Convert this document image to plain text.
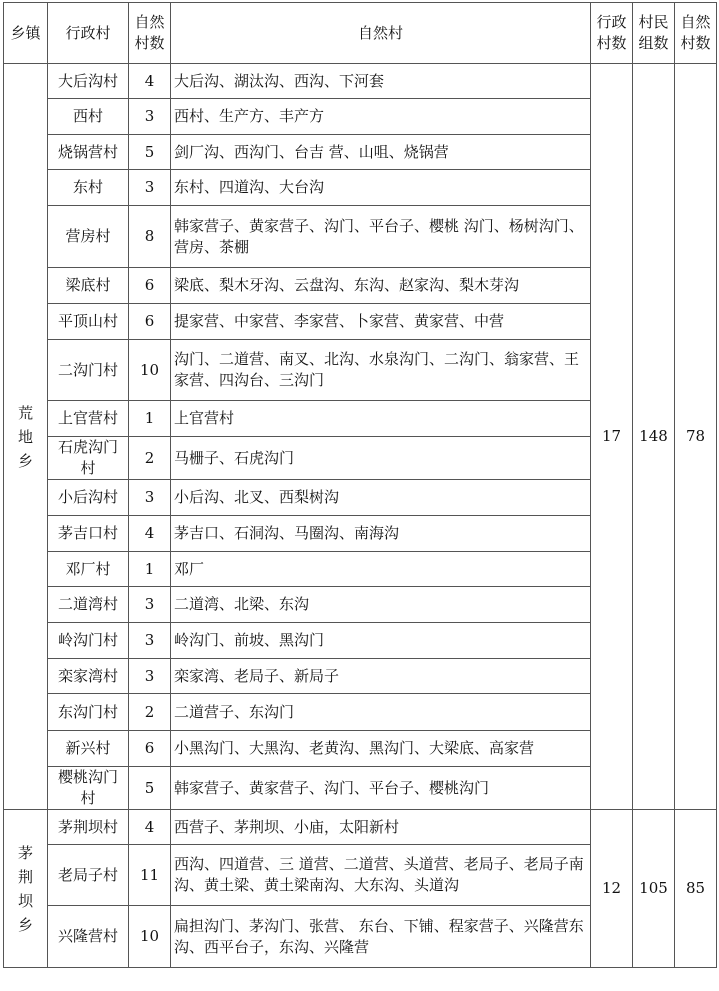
乡镇	行政村	自然村数	自然村	行政村数	村民组数	自然村数

荒
地
乡	大后沟村	4	大后沟、湖汰沟、西沟、下河套	17	148	78
	西村	3	西村、生产方、丰产方			
	烧锅营村	5	剑厂沟、西沟门、台吉 营、山咀、烧锅营			
	东村	3	东村、四道沟、大台沟			
	营房村	8	韩家营子、黄家营子、沟门、平台子、樱桃 沟门、杨树沟门、营房、茶棚			
	梁底村	6	梁底、梨木牙沟、云盘沟、东沟、赵家沟、梨木芽沟			
	平顶山村	6	提家营、中家营、李家营、卜家营、黄家营、中营			
	二沟门村	10	沟门、二道营、南叉、北沟、水泉沟门、二沟门、翁家营、王家营、四沟台、三沟门			
	上官营村	1	上官营村			
	石虎沟门村	2	马栅子、石虎沟门			
	小后沟村	3	小后沟、北叉、西梨树沟			
	茅吉口村	4	茅吉口、石洞沟、马圈沟、南海沟			
	邓厂村	1	邓厂			
	二道湾村	3	二道湾、北梁、东沟			
	岭沟门村	3	岭沟门、前坡、黑沟门			
	栾家湾村	3	栾家湾、老局子、新局子			
	东沟门村	2	二道营子、东沟门			
	新兴村	6	小黑沟门、大黑沟、老黄沟、黑沟门、大梁底、高家营			
	樱桃沟门村	5	韩家营子、黄家营子、沟门、平台子、樱桃沟门			

茅
荆
坝
乡	茅荆坝村	4	西营子、茅荆坝、小庙，太阳新村	12	105	85
	老局子村	11	西沟、四道营、三 道营、二道营、头道营、老局子、老局子南沟、黄土梁、黄土梁南沟、大东沟、头道沟			
	兴隆营村	10	扁担沟门、茅沟门、张营、 东台、下铺、程家营子、兴隆营东沟、西平台子，东沟、兴隆营			
